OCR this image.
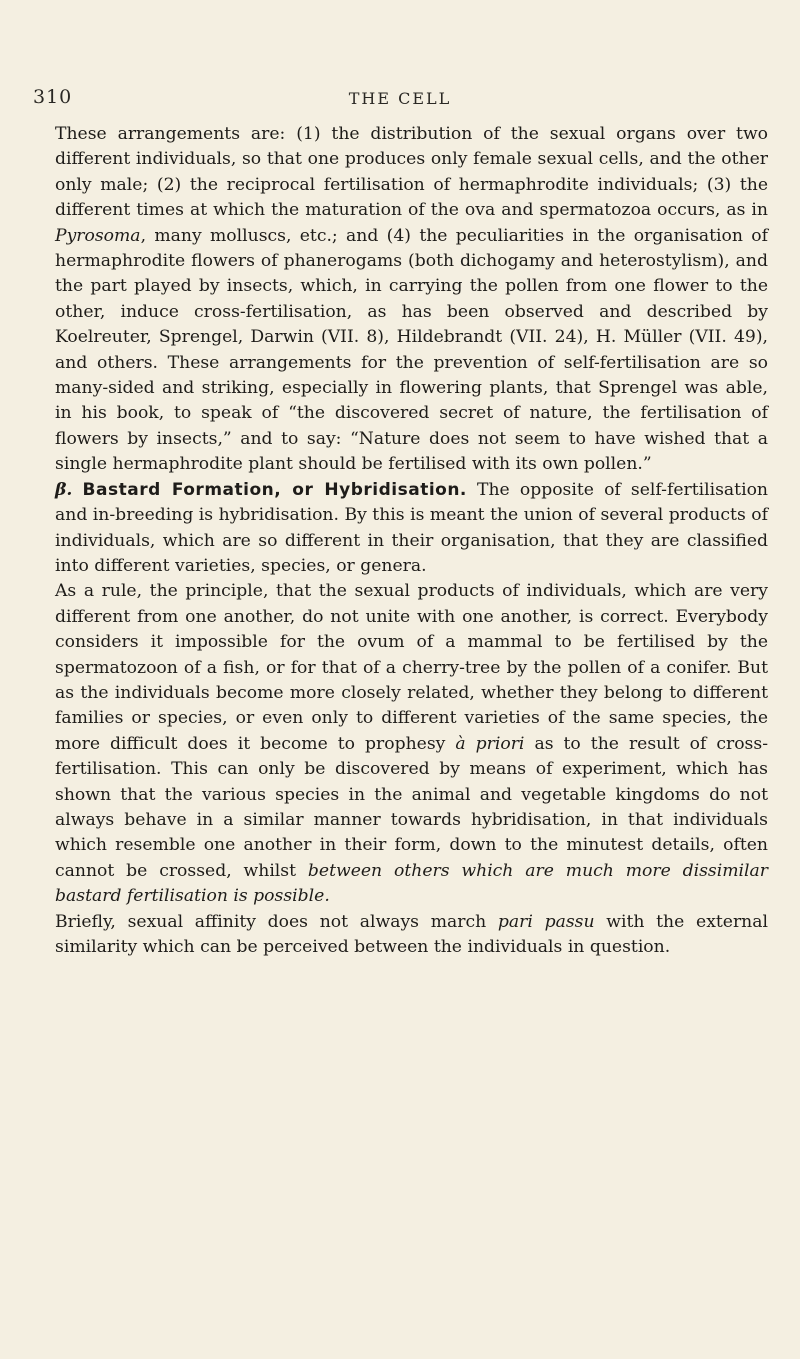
310	THE CELL

These arrangements are: (1) the distribution of the sexual organs over two different individuals, so that one produces only female sexual cells, and the other only male; (2) the reciprocal fertilisation of hermaphrodite individuals; (3) the different times at which the maturation of the ova and spermatozoa occurs, as in Pyrosoma, many molluscs, etc.; and (4) the peculiarities in the organisation of hermaphrodite flowers of phanerogams (both dichogamy and heterostylism), and the part played by insects, which, in carrying the pollen from one flower to the other, induce cross-fertilisation, as has been observed and described by Koelreuter, Sprengel, Darwin (VII. 8), Hildebrandt (VII. 24), H. Müller (VII. 49), and others. These arrangements for the prevention of self-fertilisation are so many-sided and striking, especially in flowering plants, that Sprengel was able, in his book, to speak of “the discovered secret of nature, the fertilisation of flowers by insects,” and to say: “Nature does not seem to have wished that a single hermaphrodite plant should be fertilised with its own pollen.”

β. Bastard Formation, or Hybridisation. The opposite of self-fertilisation and in-breeding is hybridisation. By this is meant the union of several products of individuals, which are so different in their organisation, that they are classified into different varieties, species, or genera.

As a rule, the principle, that the sexual products of individuals, which are very different from one another, do not unite with one another, is correct. Everybody considers it impossible for the ovum of a mammal to be fertilised by the spermatozoon of a fish, or for that of a cherry-tree by the pollen of a conifer. But as the individuals become more closely related, whether they belong to different families or species, or even only to different varieties of the same species, the more difficult does it become to prophesy à priori as to the result of cross-fertilisation. This can only be discovered by means of experiment, which has shown that the various species in the animal and vegetable kingdoms do not always behave in a similar manner towards hybridisation, in that individuals which resemble one another in their form, down to the minutest details, often cannot be crossed, whilst between others which are much more dissimilar bastard fertilisation is possible.

Briefly, sexual affinity does not always march pari passu with the external similarity which can be perceived between the individuals in question.
